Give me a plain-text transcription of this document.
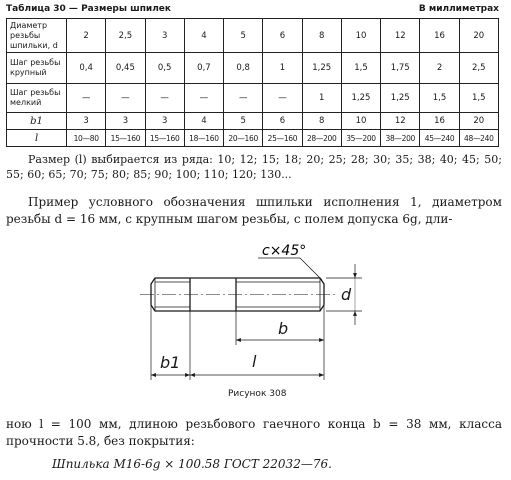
Таблица 30 — Размеры шпилек	В миллиметрах
Диаметр резьбы шпильки, d	2	2,5	3	4	5	6	8	10	12	16	20
Шаг резьбы крупный	0,4	0,45	0,5	0,7	0,8	1	1,25	1,5	1,75	2	2,5
Шаг резьбы мелкий	—	—	—	—	—	—	1	1,25	1,25	1,5	1,5
b1	3	3	3	4	5	6	8	10	12	16	20
l	10—80	15—160	15—160	18—160	20—160	25—160	28—200	35—200	38—200	45—240	48—240
Размер (l) выбирается из ряда: 10; 12; 15; 18; 20; 25; 28; 30; 35; 38; 40; 45; 50; 55; 60; 65; 70; 75; 80; 85; 90; 100; 110; 120; 130...
Пример условного обозначения шпильки исполнения 1, диаметром резьбы d = 16 мм, с крупным шагом резьбы, с полем допуска 6g, дли-
c×45°
d
b
b1	l
Рисунок 308
ною l = 100 мм, длиною резьбового гаечного конца b = 38 мм, класса прочности 5.8, без покрытия:
Шпилька М16-6g × 100.58 ГОСТ 22032—76.
